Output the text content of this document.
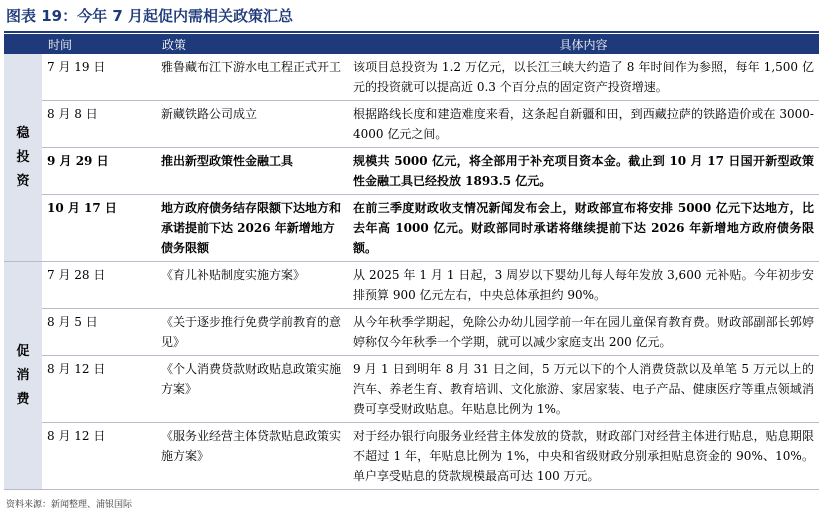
图表 19：今年 7 月起促内需相关政策汇总
	时间	政策	具体内容
稳投资	7 月 19 日	雅鲁藏布江下游水电工程正式开工	该项目总投资为 1.2 万亿元，以长江三峡大约造了 8 年时间作为参照，每年 1,500 亿元的投资就可以提高近 0.3 个百分点的固定资产投资增速。
	8 月 8 日	新藏铁路公司成立	根据路线长度和建造难度来看，这条起自新疆和田，到西藏拉萨的铁路造价或在 3000-4000 亿元之间。
	9 月 29 日	推出新型政策性金融工具	规模共 5000 亿元，将全部用于补充项目资本金。截止到 10 月 17 日国开新型政策性金融工具已经投放 1893.5 亿元。
	10 月 17 日	地方政府债务结存限额下达地方和承诺提前下达 2026 年新增地方债务限额	在前三季度财政收支情况新闻发布会上，财政部宣布将安排 5000 亿元下达地方，比去年高 1000 亿元。财政部同时承诺将继续提前下达 2026 年新增地方政府债务限额。
促消费	7 月 28 日	《育儿补贴制度实施方案》	从 2025 年 1 月 1 日起，3 周岁以下婴幼儿每人每年发放 3,600 元补贴。今年初步安排预算 900 亿元左右，中央总体承担约 90%。
	8 月 5 日	《关于逐步推行免费学前教育的意见》	从今年秋季学期起，免除公办幼儿园学前一年在园儿童保育教育费。财政部副部长郭婷婷称仅今年秋季一个学期，就可以减少家庭支出 200 亿元。
	8 月 12 日	《个人消费贷款财政贴息政策实施方案》	9 月 1 日到明年 8 月 31 日之间，5 万元以下的个人消费贷款以及单笔 5 万元以上的汽车、养老生育、教育培训、文化旅游、家居家装、电子产品、健康医疗等重点领域消费可享受财政贴息。年贴息比例为 1%。
	8 月 12 日	《服务业经营主体贷款贴息政策实施方案》	对于经办银行向服务业经营主体发放的贷款，财政部门对经营主体进行贴息，贴息期限不超过 1 年，年贴息比例为 1%，中央和省级财政分别承担贴息资金的 90%、10%。单户享受贴息的贷款规模最高可达 100 万元。
资料来源：新闻整理、浦银国际
